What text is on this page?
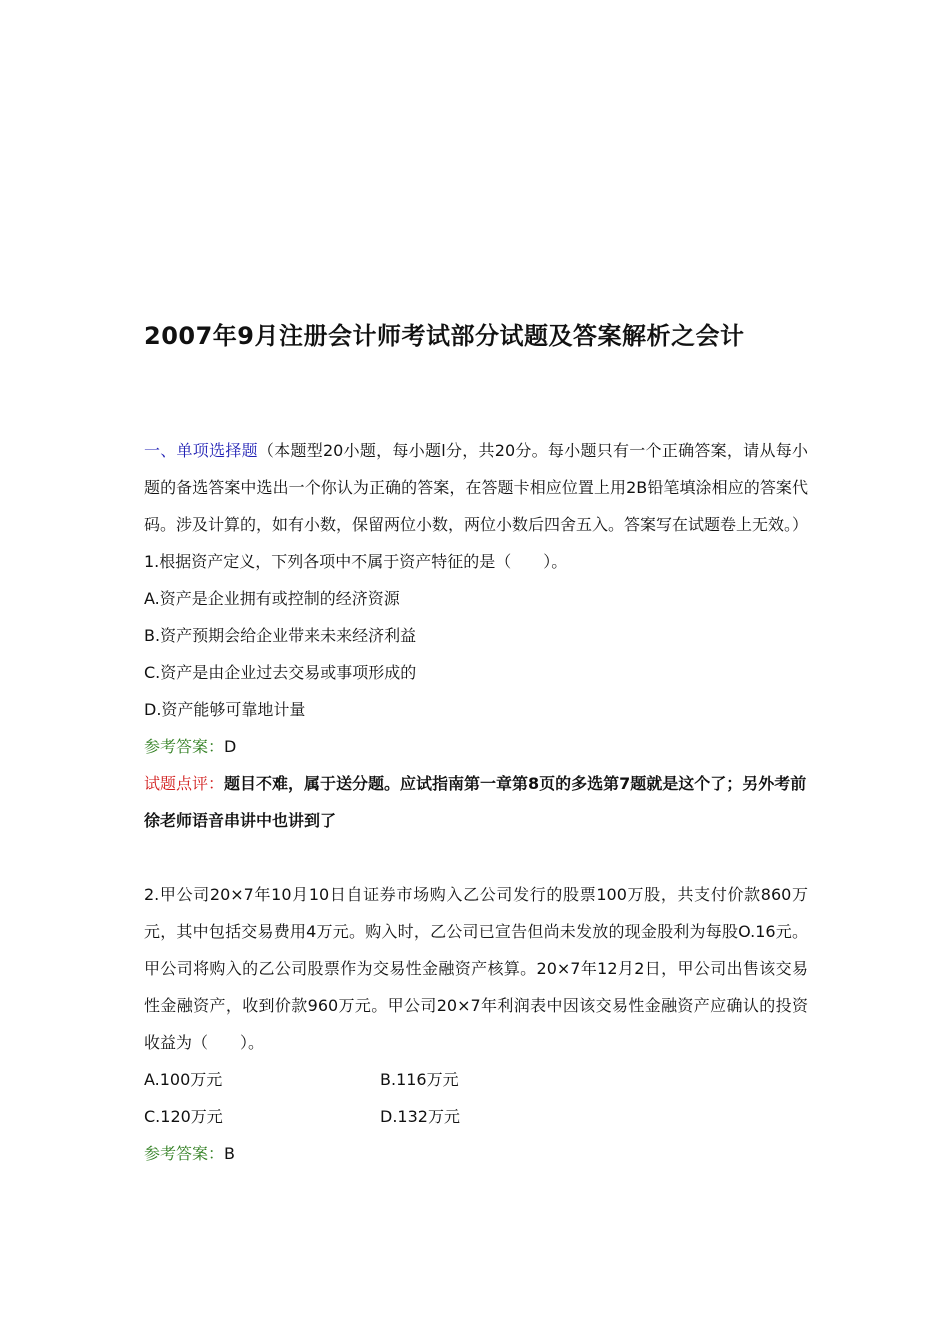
2007年9月注册会计师考试部分试题及答案解析之会计

一、单项选择题（本题型20小题，每小题l分，共20分。每小题只有一个正确答案，请从每小题的备选答案中选出一个你认为正确的答案，在答题卡相应位置上用2B铅笔填涂相应的答案代码。涉及计算的，如有小数，保留两位小数，两位小数后四舍五入。答案写在试题卷上无效。）

1.根据资产定义，下列各项中不属于资产特征的是（　　）。

A.资产是企业拥有或控制的经济资源

B.资产预期会给企业带来未来经济利益

C.资产是由企业过去交易或事项形成的

D.资产能够可靠地计量

参考答案：D

试题点评：题目不难，属于送分题。应试指南第一章第8页的多选第7题就是这个了；另外考前徐老师语音串讲中也讲到了

2.甲公司20×7年10月10日自证券市场购入乙公司发行的股票100万股，共支付价款860万元，其中包括交易费用4万元。购入时，乙公司已宣告但尚未发放的现金股利为每股O.16元。甲公司将购入的乙公司股票作为交易性金融资产核算。20×7年12月2日，甲公司出售该交易性金融资产，收到价款960万元。甲公司20×7年利润表中因该交易性金融资产应确认的投资收益为（　　）。

A.100万元	B.116万元
C.120万元	D.132万元

参考答案：B
